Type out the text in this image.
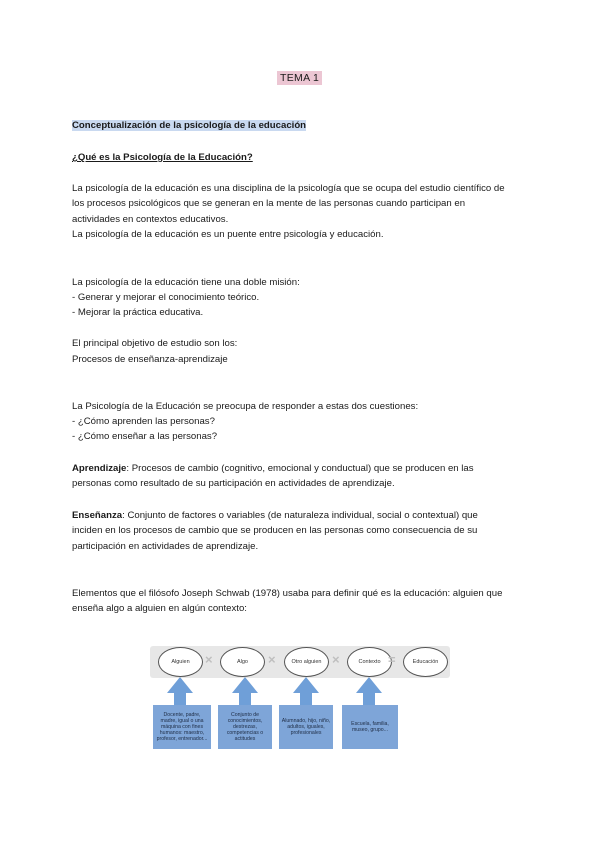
TEMA 1
Conceptualización de la psicología de la educación
¿Qué es la Psicología de la Educación?
La psicología de la educación es una disciplina de la psicología que se ocupa del estudio científico de
los procesos psicológicos que se generan en la mente de las personas cuando participan en
actividades en contextos educativos.
La psicología de la educación es un puente entre psicología y educación.
La psicología de la educación tiene una doble misión:
- Generar y mejorar el conocimiento teórico.
- Mejorar la práctica educativa.
El principal objetivo de estudio son los:
Procesos de enseñanza-aprendizaje
La Psicología de la Educación se preocupa de responder a estas dos cuestiones:
- ¿Cómo aprenden las personas?
- ¿Cómo enseñar a las personas?
Aprendizaje: Procesos de cambio (cognitivo, emocional y conductual) que se producen en las
personas como resultado de su participación en actividades de aprendizaje.
Enseñanza: Conjunto de factores o variables (de naturaleza individual, social o contextual) que
inciden en los procesos de cambio que se producen en las personas como consecuencia de su
participación en actividades de aprendizaje.
Elementos que el filósofo Joseph Schwab (1978) usaba para definir qué es la educación: alguien que
enseña algo a alguien en algún contexto:
Alguien	×	Algo	×	Otro alguien ×	Contexto =	Educación
Docente, padre, madre, igual o una máquina con fines humanos: maestro, profesor, entrenador...
Conjunto de conocimientos, destrezas, competencias o actitudes
Alumnado, hijo, niño, adultos, iguales, profesionales
Escuela, familia, museo, grupo...
